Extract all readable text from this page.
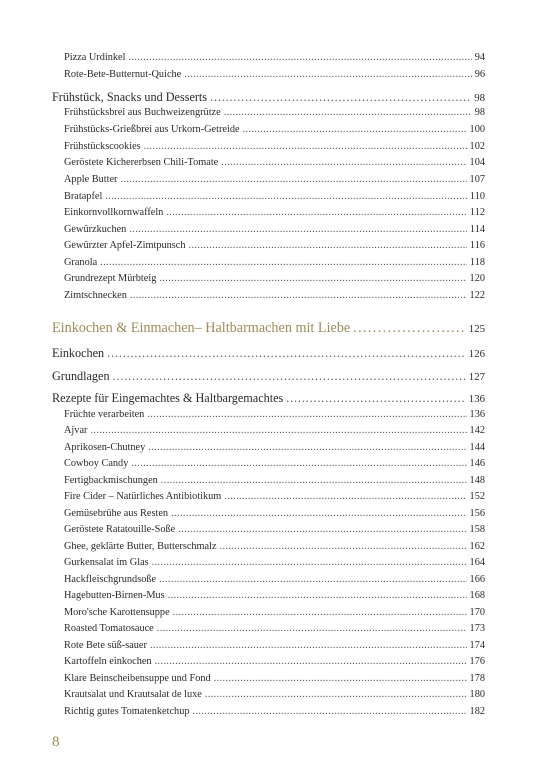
Pizza Urdinkel . . .	94
Rote-Bete-Butternut-Quiche . . .	96
Frühstück, Snacks und Desserts . . .	98
Frühstücksbrei aus Buchweizengrütze . . .	98
Frühstücks-Grießbrei aus Urkorn-Getreide . . .	100
Frühstückscookies . . .	102
Geröstete Kichererbsen Chili-Tomate . . .	104
Apple Butter . . .	107
Bratapfel . . .	110
Einkornvollkornwaffeln . . .	112
Gewürzkuchen . . .	114
Gewürzter Apfel-Zimtpunsch . . .	116
Granola . . .	118
Grundrezept Mürbteig . . .	120
Zimtschnecken . . .	122
Einkochen & Einmachen– Haltbarmachen mit Liebe . . .	125
Einkochen . . .	126
Grundlagen . . .	127
Rezepte für Eingemachtes & Haltbargemachtes . . .	136
Früchte verarbeiten . . .	136
Ajvar . . .	142
Aprikosen-Chutney . . .	144
Cowboy Candy . . .	146
Fertigbackmischungen . . .	148
Fire Cider – Natürliches Antibiotikum . . .	152
Gemüsebrühe aus Resten . . .	156
Geröstete Ratatouille-Soße . . .	158
Ghee, geklärte Butter, Butterschmalz . . .	162
Gurkensalat im Glas . . .	164
Hackfleischgrundsoße . . .	166
Hagebutten-Birnen-Mus . . .	168
Moro'sche Karottensuppe . . .	170
Roasted Tomatosauce . . .	173
Rote Bete süß-sauer . . .	174
Kartoffeln einkochen . . .	176
Klare Beinscheibensuppe und Fond . . .	178
Krautsalat und Krautsalat de luxe . . .	180
Richtig gutes Tomatenketchup . . .	182
8
